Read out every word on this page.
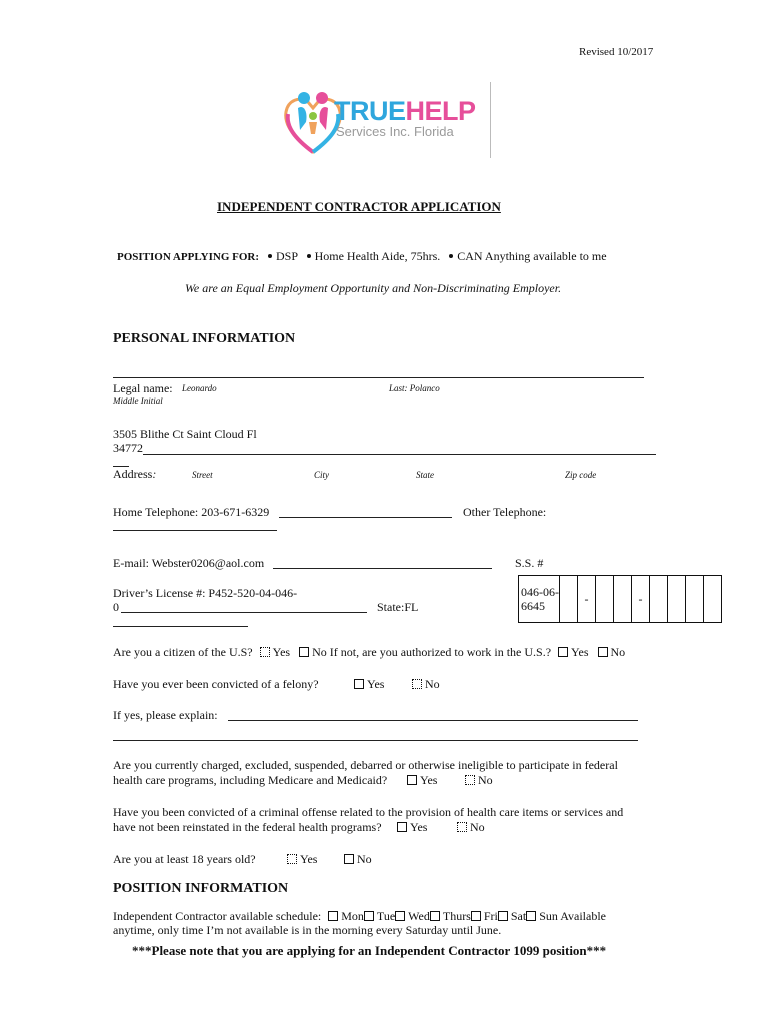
Revised 10/2017
TRUEHELP
Services Inc. Florida
INDEPENDENT CONTRACTOR APPLICATION
POSITION APPLYING FOR: DSP Home Health Aide, 75hrs. CAN Anything available to me
We are an Equal Employment Opportunity and Non-Discriminating Employer.
PERSONAL INFORMATION
Legal name: Leonardo	Last: Polanco
Middle Initial
3505 Blithe Ct Saint Cloud Fl
34772
Address:	Street	City	State	Zip code
Home Telephone: 203-671-6329	Other Telephone:
E-mail: Webster0206@aol.com	S.S. #
046-06-6645		-			-				
Driver’s License #: P452-520-04-046-
0	State:FL
Are you a citizen of the U.S? Yes No If not, are you authorized to work in the U.S.? Yes No
Have you ever been convicted of a felony?	Yes	No
If yes, please explain:
Are you currently charged, excluded, suspended, debarred or otherwise ineligible to participate in federal
health care programs, including Medicare and Medicaid?	Yes	No
Have you been convicted of a criminal offense related to the provision of health care items or services and
have not been reinstated in the federal health programs?	Yes	No
Are you at least 18 years old?	Yes	No
POSITION INFORMATION
Independent Contractor available schedule: Mon Tue Wed Thurs Fri Sat Sun Available
anytime, only time I’m not available is in the morning every Saturday until June.
***Please note that you are applying for an Independent Contractor 1099 position***
